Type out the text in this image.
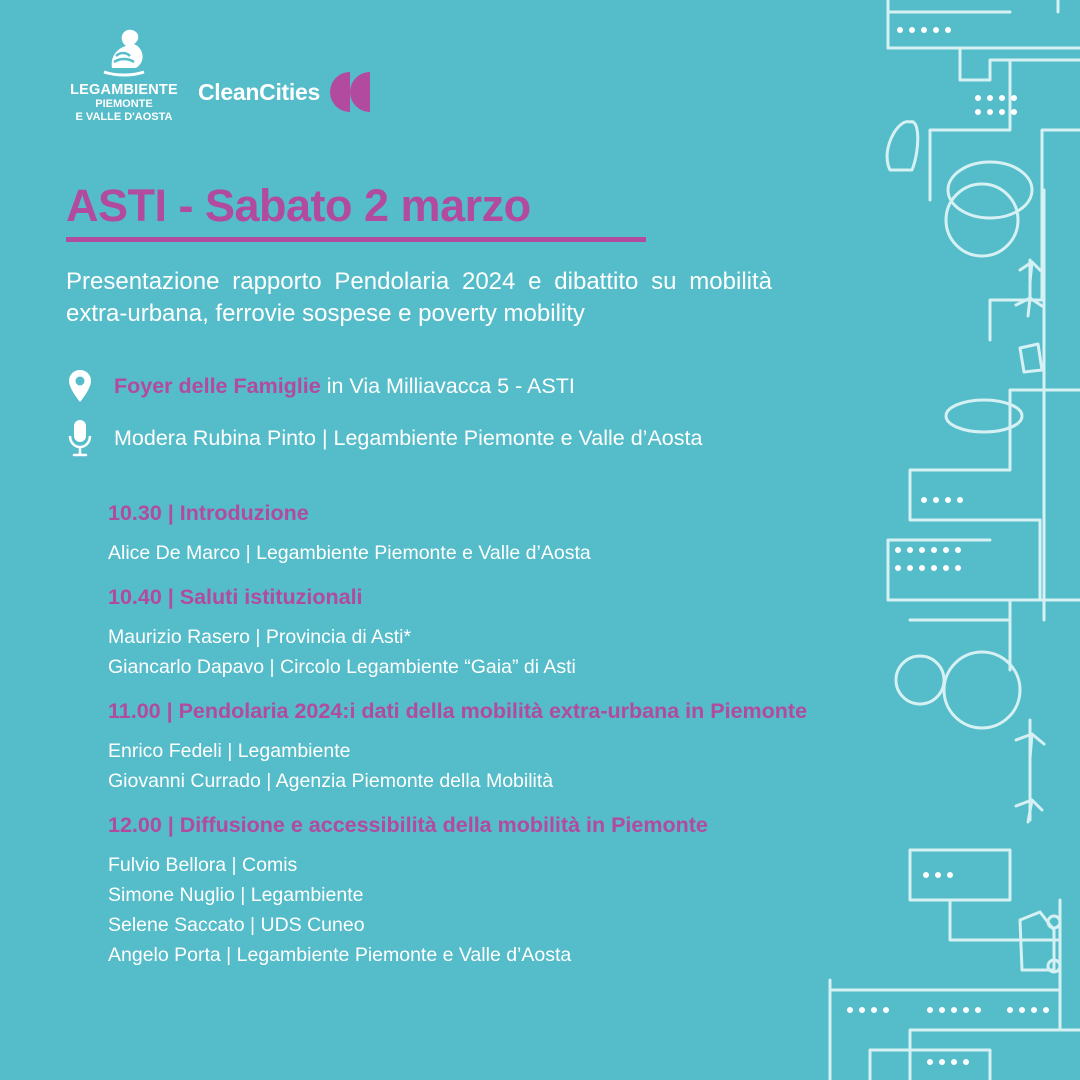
LEGAMBIENTE
PIEMONTE
E VALLE D'AOSTA
CleanCities
ASTI - Sabato 2 marzo
Presentazione rapporto Pendolaria 2024 e dibattito su mobilità extra-urbana, ferrovie sospese e poverty mobility
Foyer delle Famiglie in Via Milliavacca 5 - ASTI
Modera Rubina Pinto | Legambiente Piemonte e Valle d’Aosta
10.30 | Introduzione
Alice De Marco | Legambiente Piemonte e Valle d’Aosta
10.40 | Saluti istituzionali
Maurizio Rasero | Provincia di Asti*
Giancarlo Dapavo | Circolo Legambiente “Gaia” di Asti
11.00 | Pendolaria 2024:i dati della mobilità extra-urbana in Piemonte
Enrico Fedeli | Legambiente
Giovanni Currado | Agenzia Piemonte della Mobilità
12.00 | Diffusione e accessibilità della mobilità in Piemonte
Fulvio Bellora | Comis
Simone Nuglio | Legambiente
Selene Saccato | UDS Cuneo
Angelo Porta | Legambiente Piemonte e Valle d’Aosta
